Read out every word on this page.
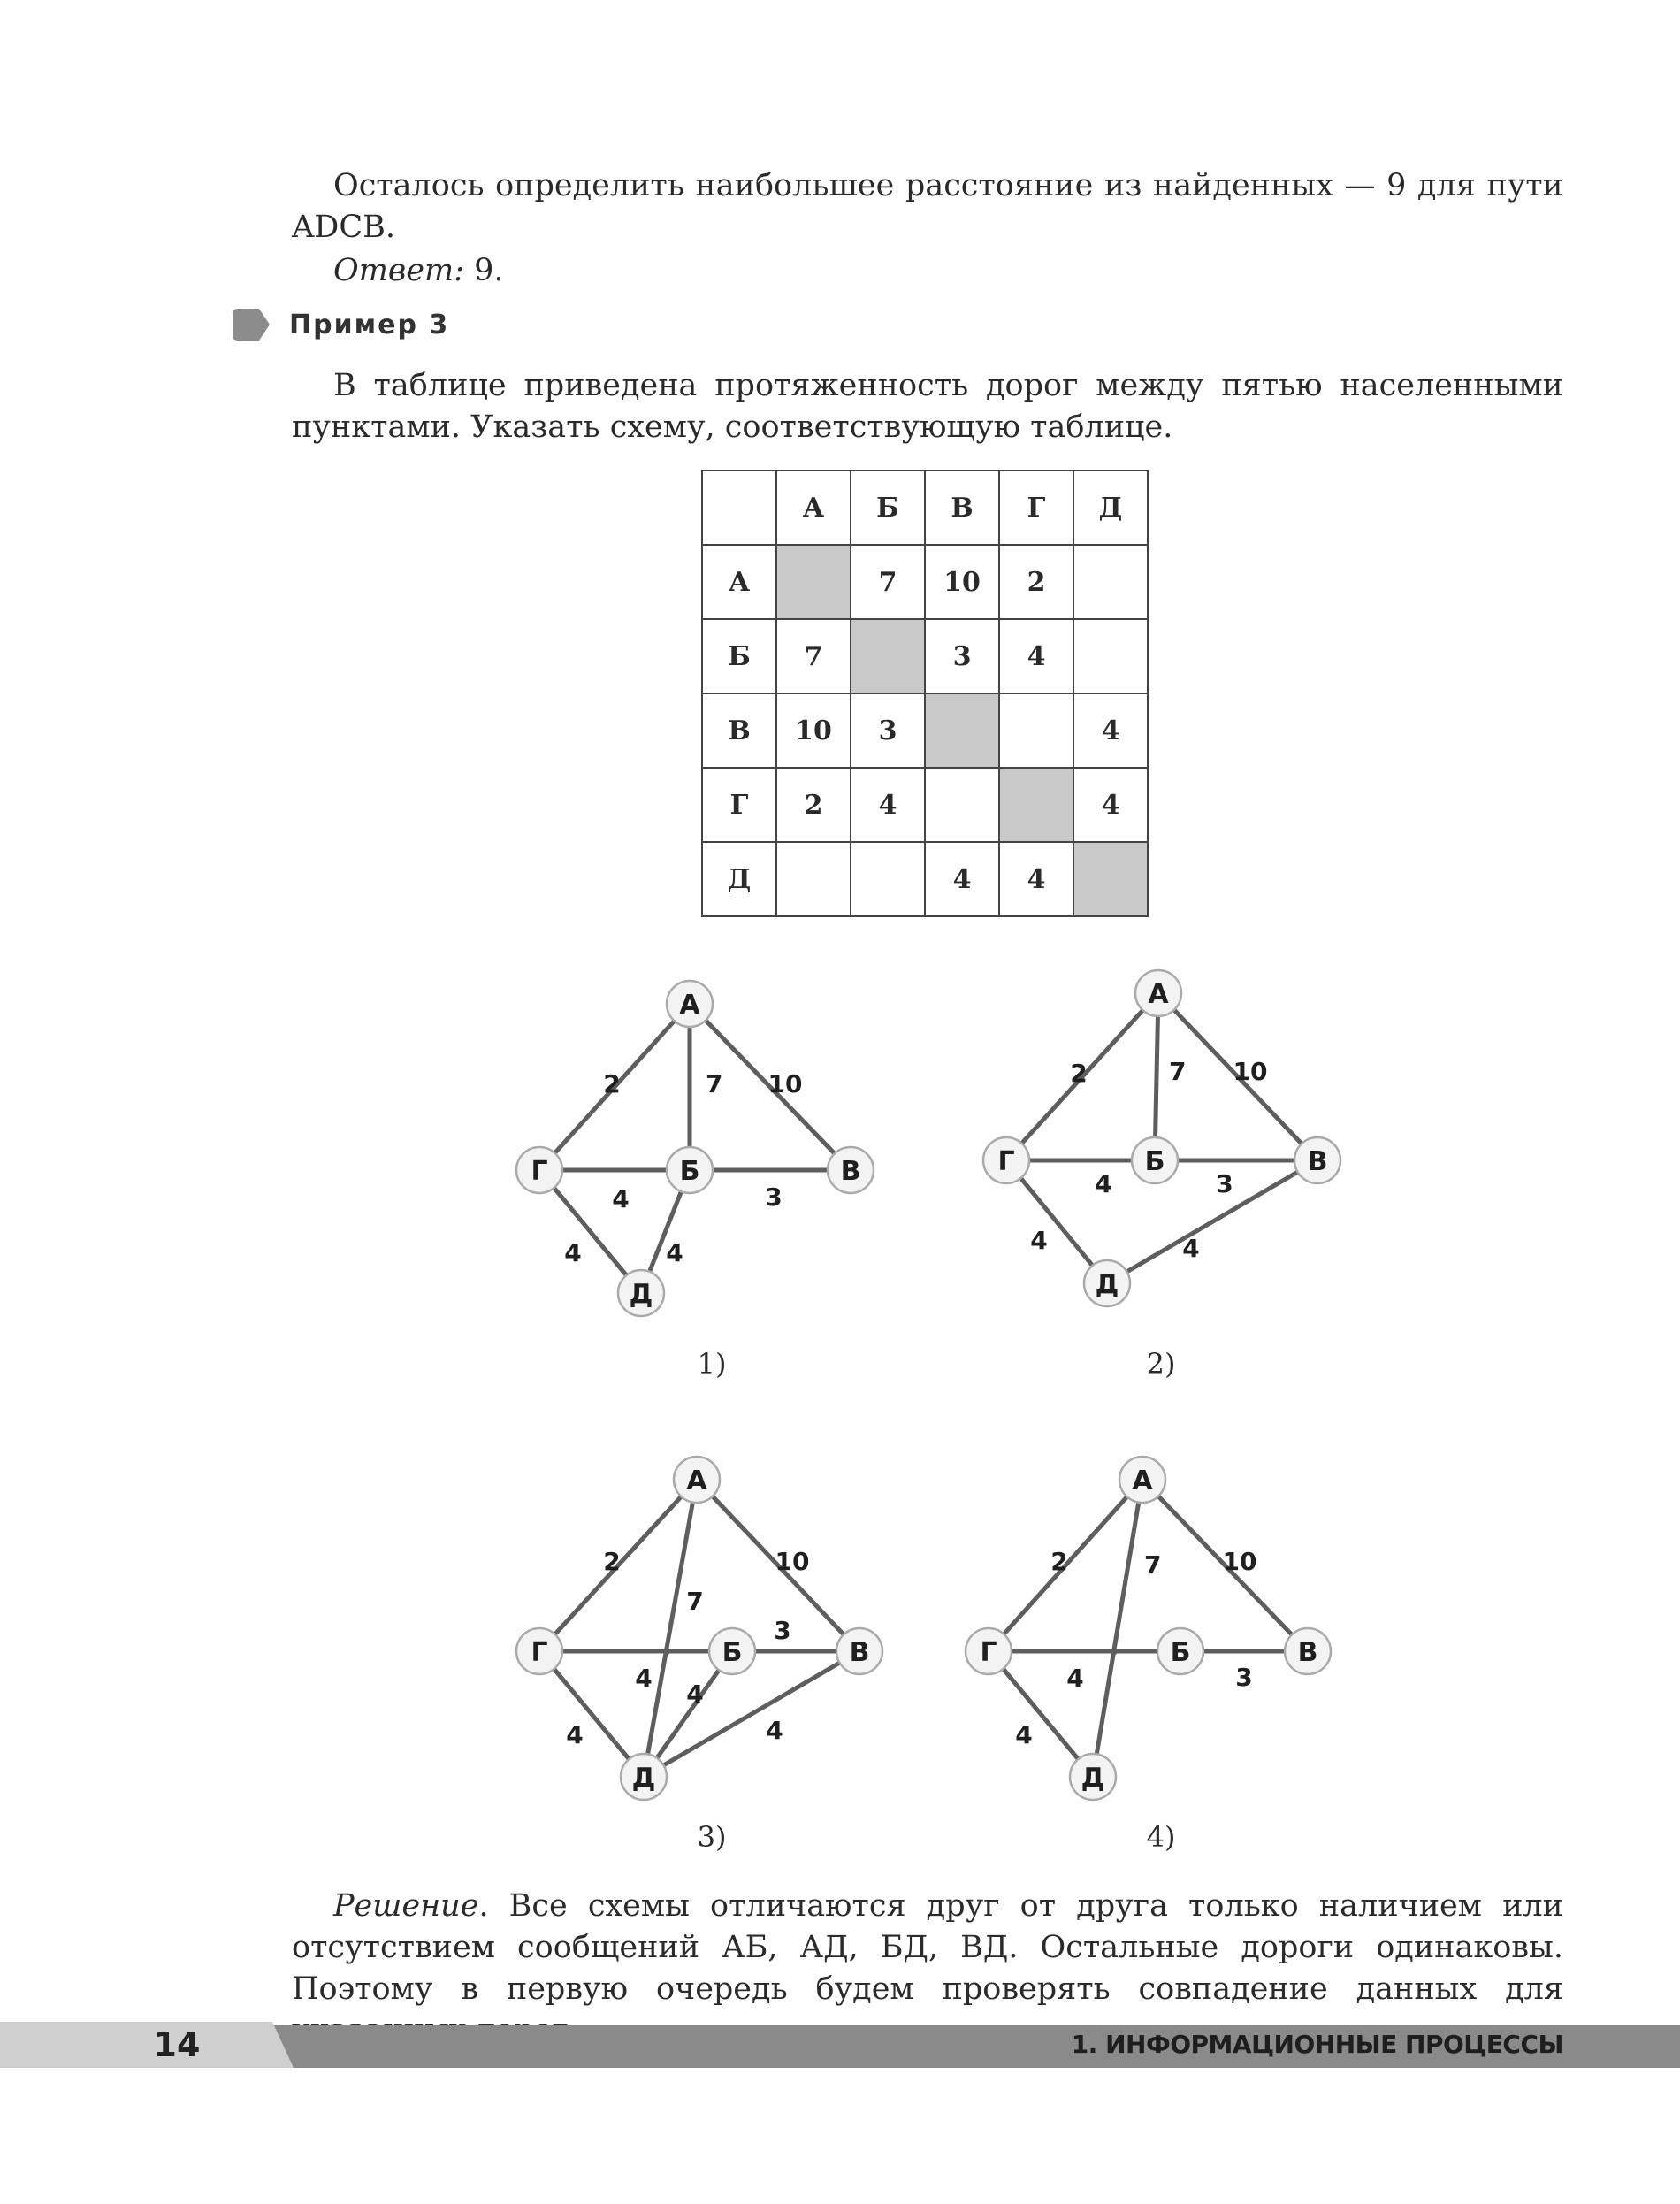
Осталось определить наибольшее расстояние из найденных — 9 для пути ADCB.
Ответ: 9.
Пример 3
В таблице приведена протяженность дорог между пятью населенными пунктами. Указать схему, соответствующую таблице.
	А	Б	В	Г	Д
А		7	10	2	
Б	7		3	4	
В	10	3			4
Г	2	4			4
Д			4	4	
2	7 10
4	3
4	4
А
Г	Б	В
Д
1)
2	7 10
4	3
4	4
А
Г	Б	В
Д
2)
2
7
10
4
3
4
4
4
А
Г	Б	В
Д
3)
2	7 10
4	3
4
А
Г	Б	В
Д
4)
Решение. Все схемы отличаются друг от друга только наличием или отсутствием сообщений АБ, АД, БД, ВД. Остальные дороги одинаковы. Поэтому в первую очередь будем проверять совпадение данных для
14	1. ИНФОРМАЦИОННЫЕ ПРОЦЕССЫ
